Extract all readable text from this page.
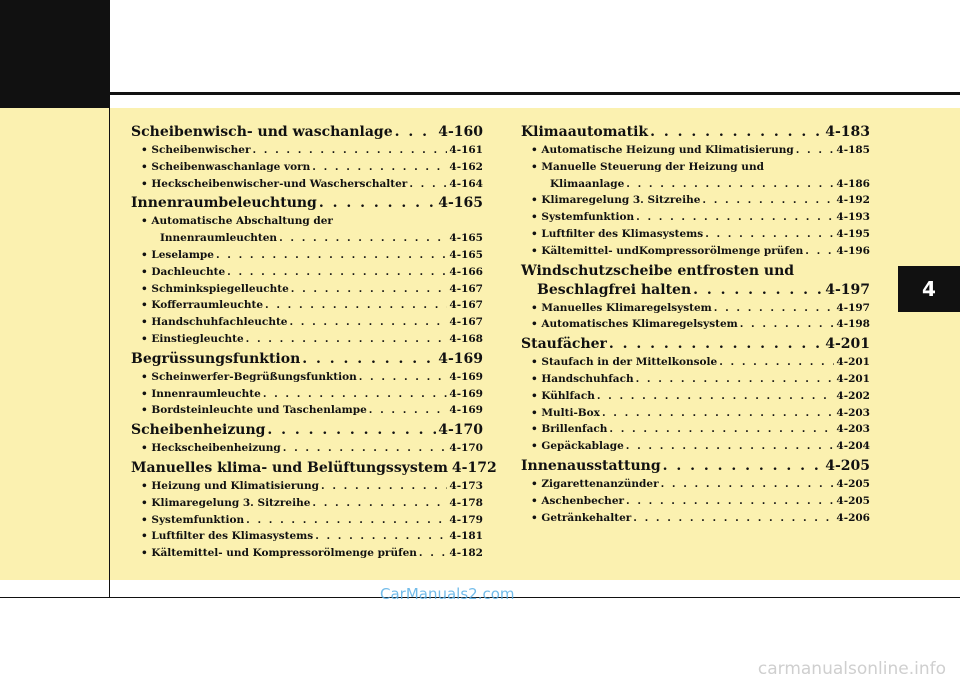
4
Scheibenwisch- und waschanlage . . .	4-160
• Scheibenwischer . . .	4-161
• Scheibenwaschanlage vorn . . .	4-162
• Heckscheibenwischer-und Wascherschalter . . .	4-164
Innenraumbeleuchtung . . .	4-165
• Automatische Abschaltung der
Innenraumleuchten . . .	4-165
• Leselampe . . .	4-165
• Dachleuchte . . .	4-166
• Schminkspiegelleuchte . . .	4-167
• Kofferraumleuchte . . .	4-167
• Handschuhfachleuchte . . .	4-167
• Einstiegleuchte . . .	4-168
Begrüssungsfunktion . . .	4-169
• Scheinwerfer-Begrüßungsfunktion . . .	4-169
• Innenraumleuchte . . .	4-169
• Bordsteinleuchte und Taschenlampe . . .	4-169
Scheibenheizung . . .	4-170
• Heckscheibenheizung . . .	4-170
Manuelles klima- und Belüftungssystem 4-172
• Heizung und Klimatisierung . . .	4-173
• Klimaregelung 3. Sitzreihe . . .	4-178
• Systemfunktion . . .	4-179
• Luftfilter des Klimasystems . . .	4-181
• Kältemittel- und Kompressorölmenge prüfen . . .	4-182
Klimaautomatik . . .	4-183
• Automatische Heizung und Klimatisierung . . .	4-185
• Manuelle Steuerung der Heizung und
Klimaanlage . . .	4-186
• Klimaregelung 3. Sitzreihe . . .	4-192
• Systemfunktion . . .	4-193
• Luftfilter des Klimasystems . . .	4-195
• Kältemittel- undKompressorölmenge prüfen . . .	4-196
Windschutzscheibe entfrosten und
Beschlagfrei halten . . .	4-197
• Manuelles Klimaregelsystem . . .	4-197
• Automatisches Klimaregelsystem . . .	4-198
Staufächer . . .	4-201
• Staufach in der Mittelkonsole . . .	4-201
• Handschuhfach . . .	4-201
• Kühlfach . . .	4-202
• Multi-Box . . .	4-203
• Brillenfach . . .	4-203
• Gepäckablage . . .	4-204
Innenausstattung . . .	4-205
• Zigarettenanzünder . . .	4-205
• Aschenbecher . . .	4-205
• Getränkehalter . . .	4-206
CarManuals2.com
carmanualsonline.info
